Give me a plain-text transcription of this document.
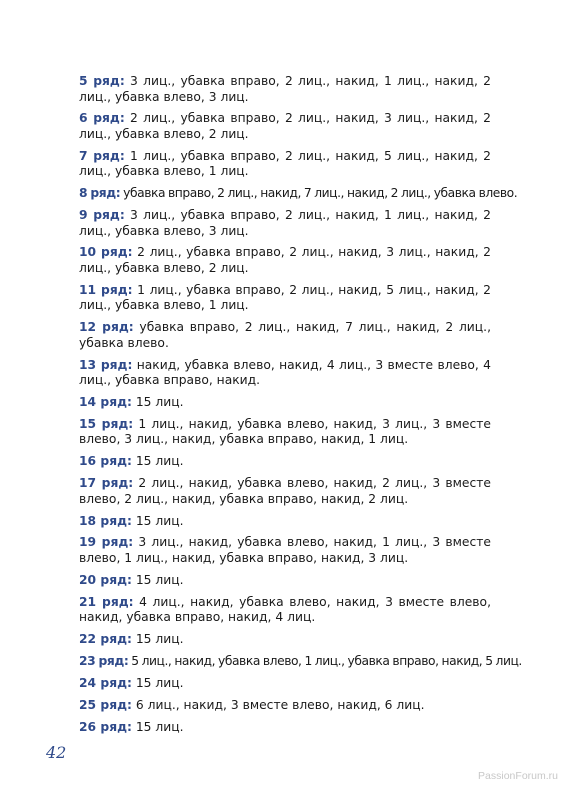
5 ряд: 3 лиц., убавка вправо, 2 лиц., накид, 1 лиц., накид, 2 лиц., убавка влево, 3 лиц.

6 ряд: 2 лиц., убавка вправо, 2 лиц., накид, 3 лиц., накид, 2 лиц., убавка влево, 2 лиц.

7 ряд: 1 лиц., убавка вправо, 2 лиц., накид, 5 лиц., накид, 2 лиц., убавка влево, 1 лиц.

8 ряд: убавка вправо, 2 лиц., накид, 7 лиц., накид, 2 лиц., убавка влево.

9 ряд: 3 лиц., убавка вправо, 2 лиц., накид, 1 лиц., накид, 2 лиц., убавка влево, 3 лиц.

10 ряд: 2 лиц., убавка вправо, 2 лиц., накид, 3 лиц., накид, 2 лиц., убавка влево, 2 лиц.

11 ряд: 1 лиц., убавка вправо, 2 лиц., накид, 5 лиц., накид, 2 лиц., убавка влево, 1 лиц.

12 ряд: убавка вправо, 2 лиц., накид, 7 лиц., накид, 2 лиц., убавка влево.

13 ряд: накид, убавка влево, накид, 4 лиц., 3 вместе влево, 4 лиц., убавка вправо, накид.

14 ряд: 15 лиц.

15 ряд: 1 лиц., накид, убавка влево, накид, 3 лиц., 3 вместе влево, 3 лиц., накид, убавка вправо, накид, 1 лиц.

16 ряд: 15 лиц.

17 ряд: 2 лиц., накид, убавка влево, накид, 2 лиц., 3 вместе влево, 2 лиц., накид, убавка вправо, накид, 2 лиц.

18 ряд: 15 лиц.

19 ряд: 3 лиц., накид, убавка влево, накид, 1 лиц., 3 вместе влево, 1 лиц., накид, убавка вправо, накид, 3 лиц.

20 ряд: 15 лиц.

21 ряд: 4 лиц., накид, убавка влево, накид, 3 вместе влево, накид, убавка вправо, накид, 4 лиц.

22 ряд: 15 лиц.

23 ряд: 5 лиц., накид, убавка влево, 1 лиц., убавка вправо, накид, 5 лиц.

24 ряд: 15 лиц.

25 ряд: 6 лиц., накид, 3 вместе влево, накид, 6 лиц.

26 ряд: 15 лиц.

42
PassionForum.ru
